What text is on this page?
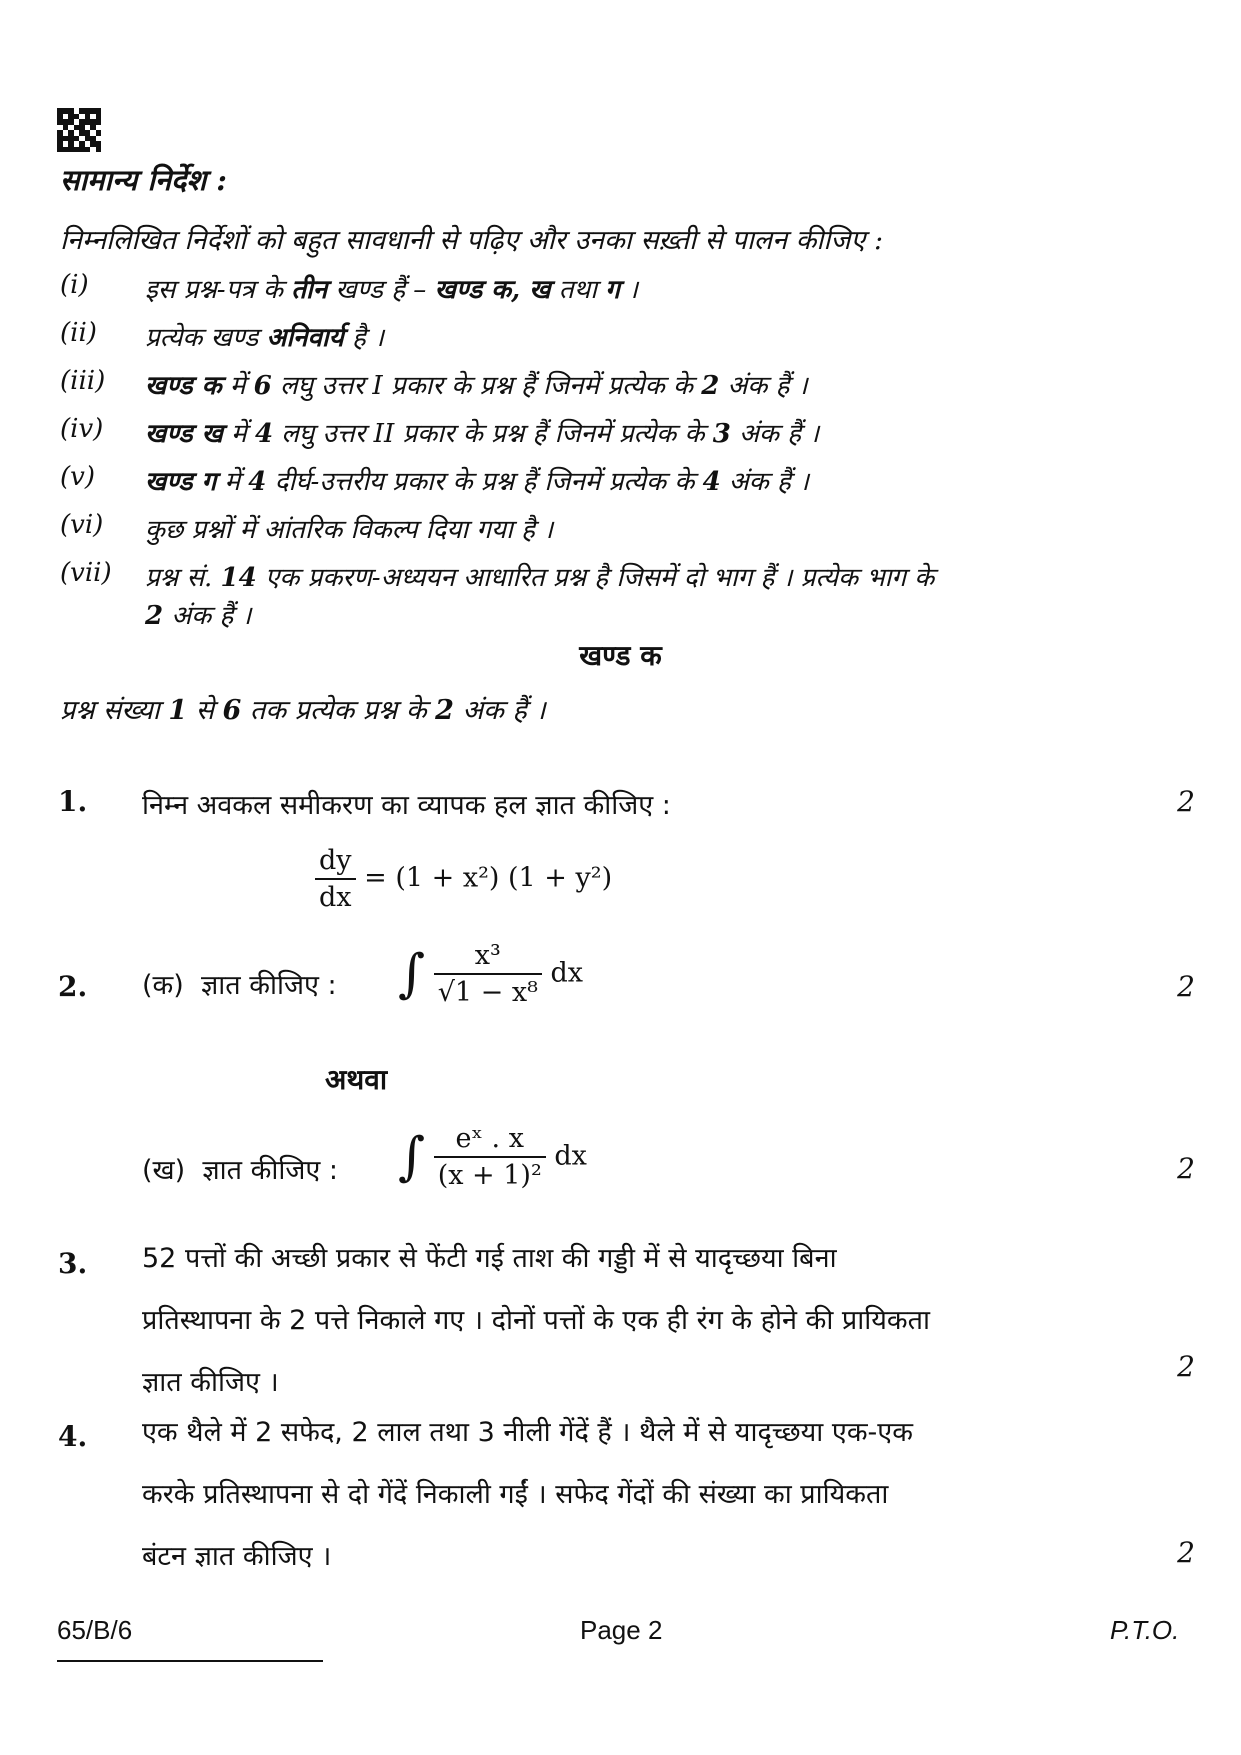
सामान्य निर्देश :
निम्नलिखित निर्देशों को बहुत सावधानी से पढ़िए और उनका सख़्ती से पालन कीजिए :
(i)	इस प्रश्न-पत्र के तीन खण्ड हैं – खण्ड क, ख तथा ग ।
(ii)	प्रत्येक खण्ड अनिवार्य है ।
(iii)	खण्ड क में 6 लघु उत्तर I प्रकार के प्रश्न हैं जिनमें प्रत्येक के 2 अंक हैं ।
(iv)	खण्ड ख में 4 लघु उत्तर II प्रकार के प्रश्न हैं जिनमें प्रत्येक के 3 अंक हैं ।
(v)	खण्ड ग में 4 दीर्घ-उत्तरीय प्रकार के प्रश्न हैं जिनमें प्रत्येक के 4 अंक हैं ।
(vi)	कुछ प्रश्नों में आंतरिक विकल्प दिया गया है ।
(vii)	प्रश्न सं. 14 एक प्रकरण-अध्ययन आधारित प्रश्न है जिसमें दो भाग हैं । प्रत्येक भाग के
2 अंक हैं ।
खण्ड क
प्रश्न संख्या 1 से 6 तक प्रत्येक प्रश्न के 2 अंक हैं ।
1. निम्न अवकल समीकरण का व्यापक हल ज्ञात कीजिए :	2
$\frac{dy}{dx} = (1 + x^2) (1 + y^2)$
2. (क) ज्ञात कीजिए : ∫ $\frac{\text{x³}}{\text{√1 − x⁸}}$ dx	2
अथवा
(ख) ज्ञात कीजिए : ∫ $\frac{\text{eˣ . x}}{\text{(x + 1)²}}$ dx	2
3. 52 पत्तों की अच्छी प्रकार से फेंटी गई ताश की गड्डी में से यादृच्छया बिना
प्रतिस्थापना के 2 पत्ते निकाले गए । दोनों पत्तों के एक ही रंग के होने की प्रायिकता
ज्ञात कीजिए ।	2
4. एक थैले में 2 सफेद, 2 लाल तथा 3 नीली गेंदें हैं । थैले में से यादृच्छया एक-एक
करके प्रतिस्थापना से दो गेंदें निकाली गईं । सफेद गेंदों की संख्या का प्रायिकता
बंटन ज्ञात कीजिए ।	2
65/B/6	Page 2	P.T.O.
